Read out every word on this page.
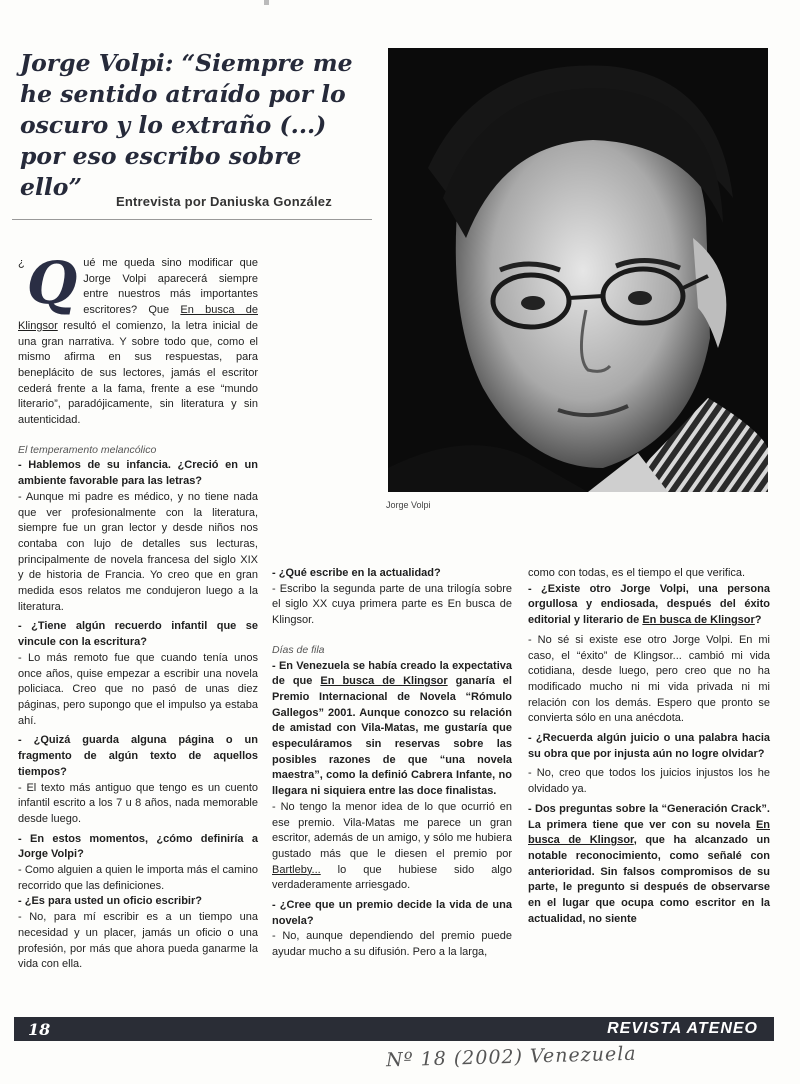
Jorge Volpi: “Siempre me he sentido atraído por lo oscuro y lo extraño (...) por eso escribo sobre ello”
Entrevista por Daniuska González
Jorge Volpi

¿ Q ué me queda sino modificar que Jorge Volpi aparecerá siempre entre nuestros más importantes escritores? Que En busca de Klingsor resultó el comienzo, la letra inicial de una gran narrativa. Y sobre todo que, como el mismo afirma en sus respuestas, para beneplácito de sus lectores, jamás el escritor cederá frente a la fama, frente a ese “mundo literario”, paradójicamente, sin literatura y sin autenticidad.

El temperamento melancólico

- Hablemos de su infancia. ¿Creció en un ambiente favorable para las letras?

- Aunque mi padre es médico, y no tiene nada que ver profesionalmente con la literatura, siempre fue un gran lector y desde niños nos contaba con lujo de detalles sus lecturas, principalmente de novela francesa del siglo XIX y de historia de Francia. Yo creo que en gran medida esos relatos me condujeron luego a la literatura.

- ¿Tiene algún recuerdo infantil que se vincule con la escritura?

- Lo más remoto fue que cuando tenía unos once años, quise empezar a escribir una novela policiaca. Creo que no pasó de unas diez páginas, pero supongo que el impulso ya estaba ahí.

- ¿Quizá guarda alguna página o un fragmento de algún texto de aquellos tiempos?

- El texto más antiguo que tengo es un cuento infantil escrito a los 7 u 8 años, nada memorable desde luego.

- En estos momentos, ¿cómo definiría a Jorge Volpi?

- Como alguien a quien le importa más el camino recorrido que las definiciones.

- ¿Es para usted un oficio escribir?

- No, para mí escribir es a un tiempo una necesidad y un placer, jamás un oficio o una profesión, por más que ahora pueda ganarme la vida con ella.

- ¿Qué escribe en la actualidad?

- Escribo la segunda parte de una trilogía sobre el siglo XX cuya primera parte es En busca de Klingsor.

Días de fila

- En Venezuela se había creado la expectativa de que En busca de Klingsor ganaría el Premio Internacional de Novela “Rómulo Gallegos” 2001. Aunque conozco su relación de amistad con Vila-Matas, me gustaría que especuláramos sin reservas sobre las posibles razones de que “una novela maestra”, como la definió Cabrera Infante, no llegara ni siquiera entre las doce finalistas.

- No tengo la menor idea de lo que ocurrió en ese premio. Vila-Matas me parece un gran escritor, además de un amigo, y sólo me hubiera gustado más que le diesen el premio por Bartleby... lo que hubiese sido algo verdaderamente arriesgado.

- ¿Cree que un premio decide la vida de una novela?

- No, aunque dependiendo del premio puede ayudar mucho a su difusión. Pero a la larga,

como con todas, es el tiempo el que verifica.

- ¿Existe otro Jorge Volpi, una persona orgullosa y endiosada, después del éxito editorial y literario de En busca de Klingsor?

- No sé si existe ese otro Jorge Volpi. En mi caso, el “éxito” de Klingsor... cambió mi vida cotidiana, desde luego, pero creo que no ha modificado mucho ni mi vida privada ni mi relación con los demás. Espero que pronto se convierta sólo en una anécdota.

- ¿Recuerda algún juicio o una palabra hacia su obra que por injusta aún no logre olvidar?

- No, creo que todos los juicios injustos los he olvidado ya.

- Dos preguntas sobre la “Generación Crack”. La primera tiene que ver con su novela En busca de Klingsor, que ha alcanzado un notable reconocimiento, como señalé con anterioridad. Sin falsos compromisos de su parte, le pregunto si después de observarse en el lugar que ocupa como escritor en la actualidad, no siente

18	REVISTA ATENEO
Nº 18 (2002) Venezuela
